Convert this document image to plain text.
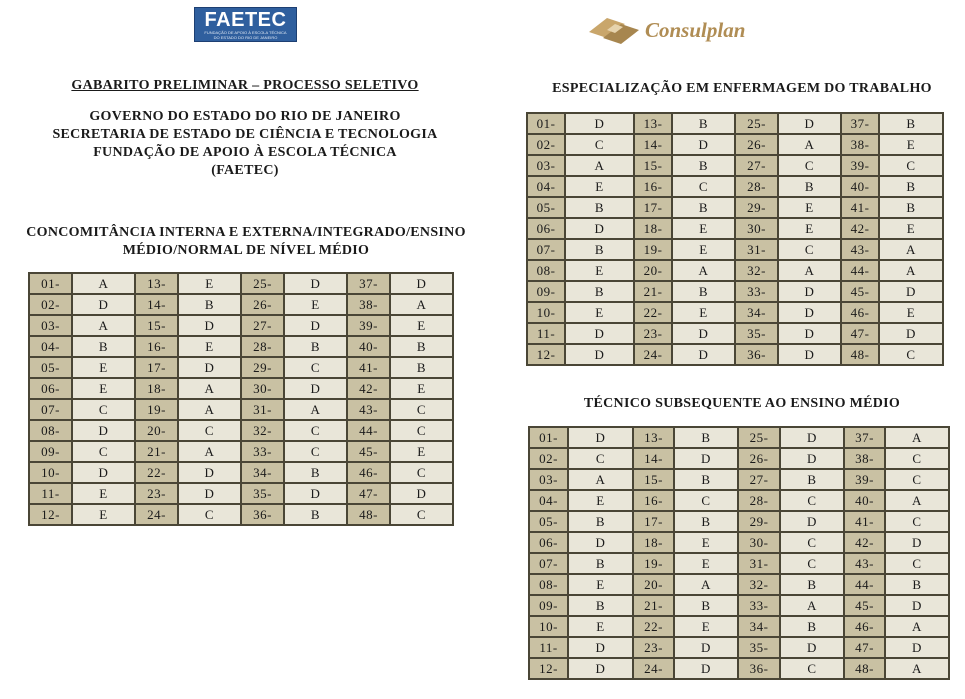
FAETEC
FUNDAÇÃO DE APOIO À ESCOLA TÉCNICA
DO ESTADO DO RIO DE JANEIRO	Consulplan
GABARITO PRELIMINAR – PROCESSO SELETIVO
GOVERNO DO ESTADO DO RIO DE JANEIRO
SECRETARIA DE ESTADO DE CIÊNCIA E TECNOLOGIA
FUNDAÇÃO DE APOIO À ESCOLA TÉCNICA
(FAETEC)
CONCOMITÂNCIA INTERNA E EXTERNA/INTEGRADO/ENSINO
MÉDIO/NORMAL DE NÍVEL MÉDIO
01-	A	13-	E	25-	D	37-	D
02-	D	14-	B	26-	E	38-	A
03-	A	15-	D	27-	D	39-	E
04-	B	16-	E	28-	B	40-	B
05-	E	17-	D	29-	C	41-	B
06-	E	18-	A	30-	D	42-	E
07-	C	19-	A	31-	A	43-	C
08-	D	20-	C	32-	C	44-	C
09-	C	21-	A	33-	C	45-	E
10-	D	22-	D	34-	B	46-	C
11-	E	23-	D	35-	D	47-	D
12-	E	24-	C	36-	B	48-	C
ESPECIALIZAÇÃO EM ENFERMAGEM DO TRABALHO
01-	D	13-	B	25-	D	37-	B
02-	C	14-	D	26-	A	38-	E
03-	A	15-	B	27-	C	39-	C
04-	E	16-	C	28-	B	40-	B
05-	B	17-	B	29-	E	41-	B
06-	D	18-	E	30-	E	42-	E
07-	B	19-	E	31-	C	43-	A
08-	E	20-	A	32-	A	44-	A
09-	B	21-	B	33-	D	45-	D
10-	E	22-	E	34-	D	46-	E
11-	D	23-	D	35-	D	47-	D
12-	D	24-	D	36-	D	48-	C
TÉCNICO SUBSEQUENTE AO ENSINO MÉDIO
01-	D	13-	B	25-	D	37-	A
02-	C	14-	D	26-	D	38-	C
03-	A	15-	B	27-	B	39-	C
04-	E	16-	C	28-	C	40-	A
05-	B	17-	B	29-	D	41-	C
06-	D	18-	E	30-	C	42-	D
07-	B	19-	E	31-	C	43-	C
08-	E	20-	A	32-	B	44-	B
09-	B	21-	B	33-	A	45-	D
10-	E	22-	E	34-	B	46-	A
11-	D	23-	D	35-	D	47-	D
12-	D	24-	D	36-	C	48-	A
